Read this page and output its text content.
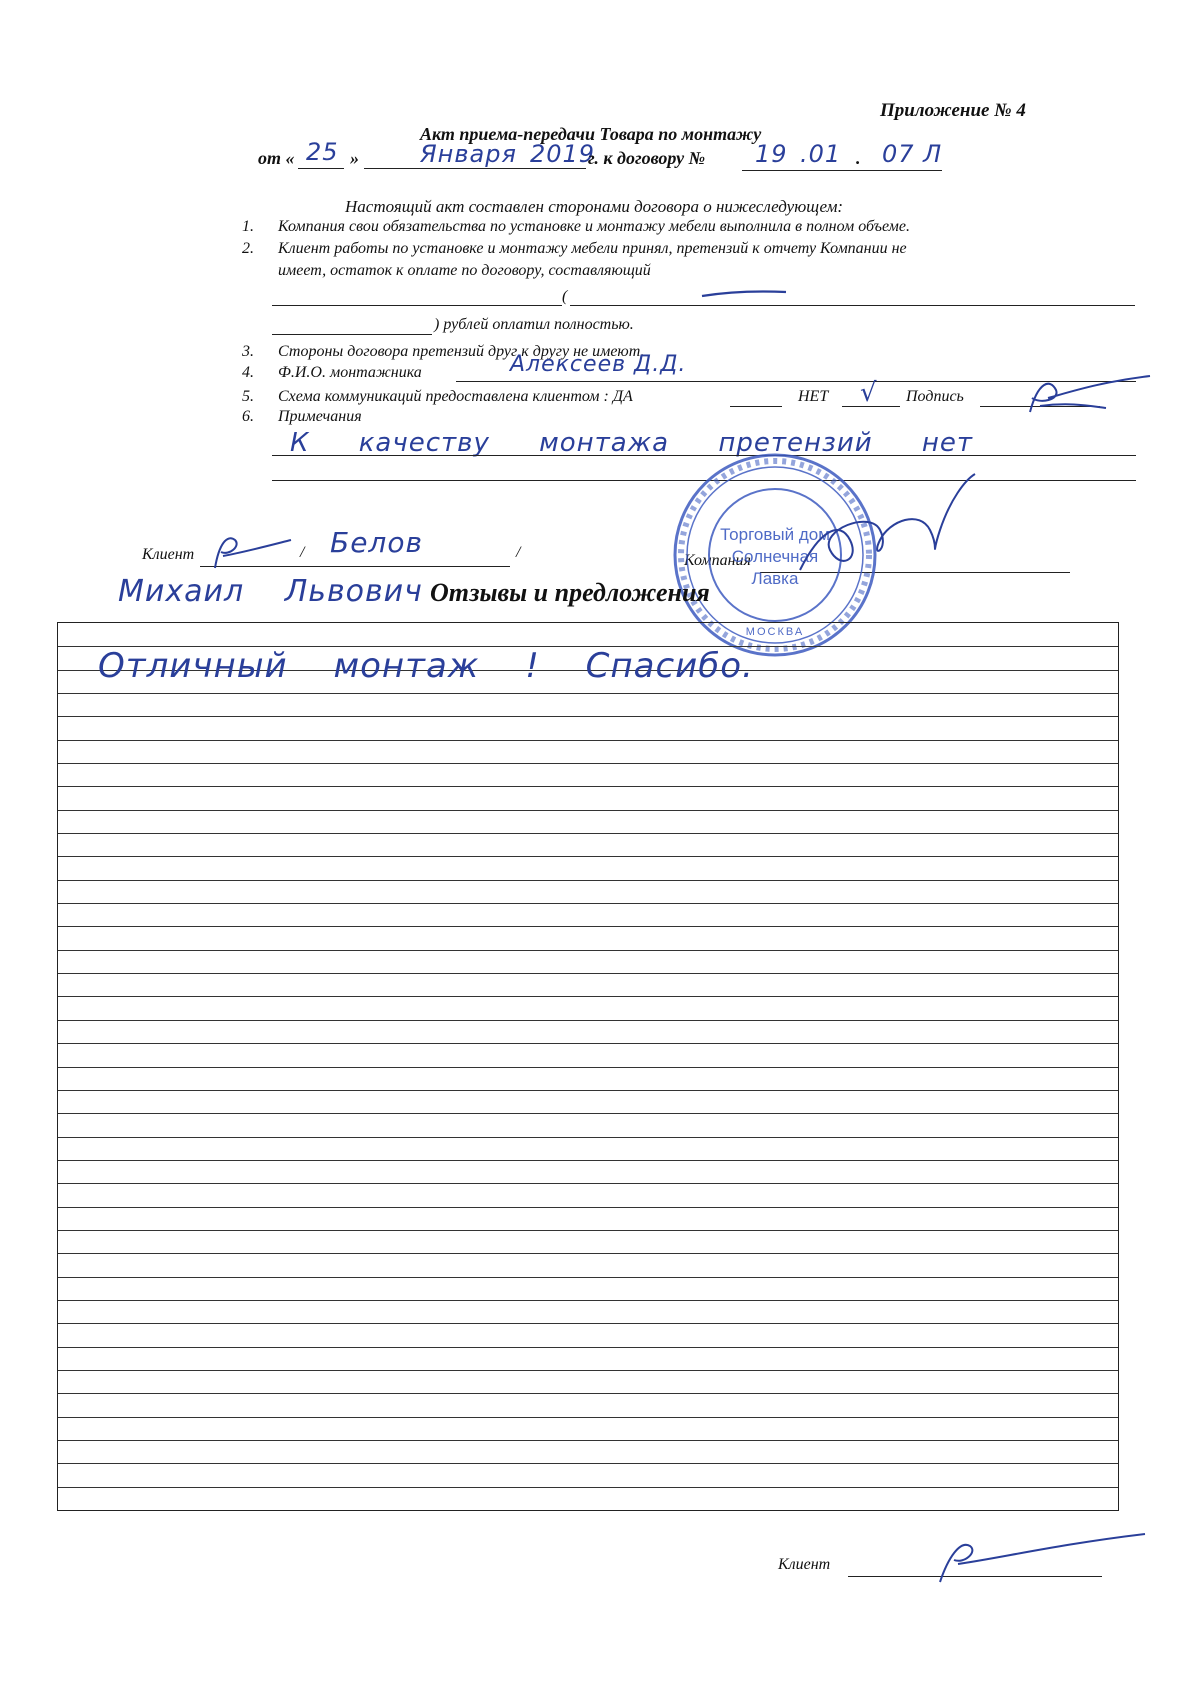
Приложение № 4
Акт приема-передачи Товара по монтажу
от « 25 »	Января 2019
г. к договору № 19 .01 . 07 Л
Настоящий акт составлен сторонами договора о нижеследующем:
1. Компания свои обязательства по установке и монтажу мебели выполнила в полном объеме.
2. Клиент работы по установке и монтажу мебели принял, претензий к отчету Компании не
имеет, остаток к оплате по договору, составляющий
(
) рублей оплатил полностью.
3. Стороны договора претензий друг к другу не имеют.
4. Ф.И.О. монтажника	Алексеев Д.Д.
5. Схема коммуникаций предоставлена клиентом : ДА	НЕТ √ Подпись
6. Примечания
К качеству монтажа претензий нет
Клиент	/ Белов	/
Михаил Львович
Компания
Торговый дом
Солнечная Лавка
МОСКВА
Отзывы и предложения
Отличный монтаж ! Спасибо.
Клиент
